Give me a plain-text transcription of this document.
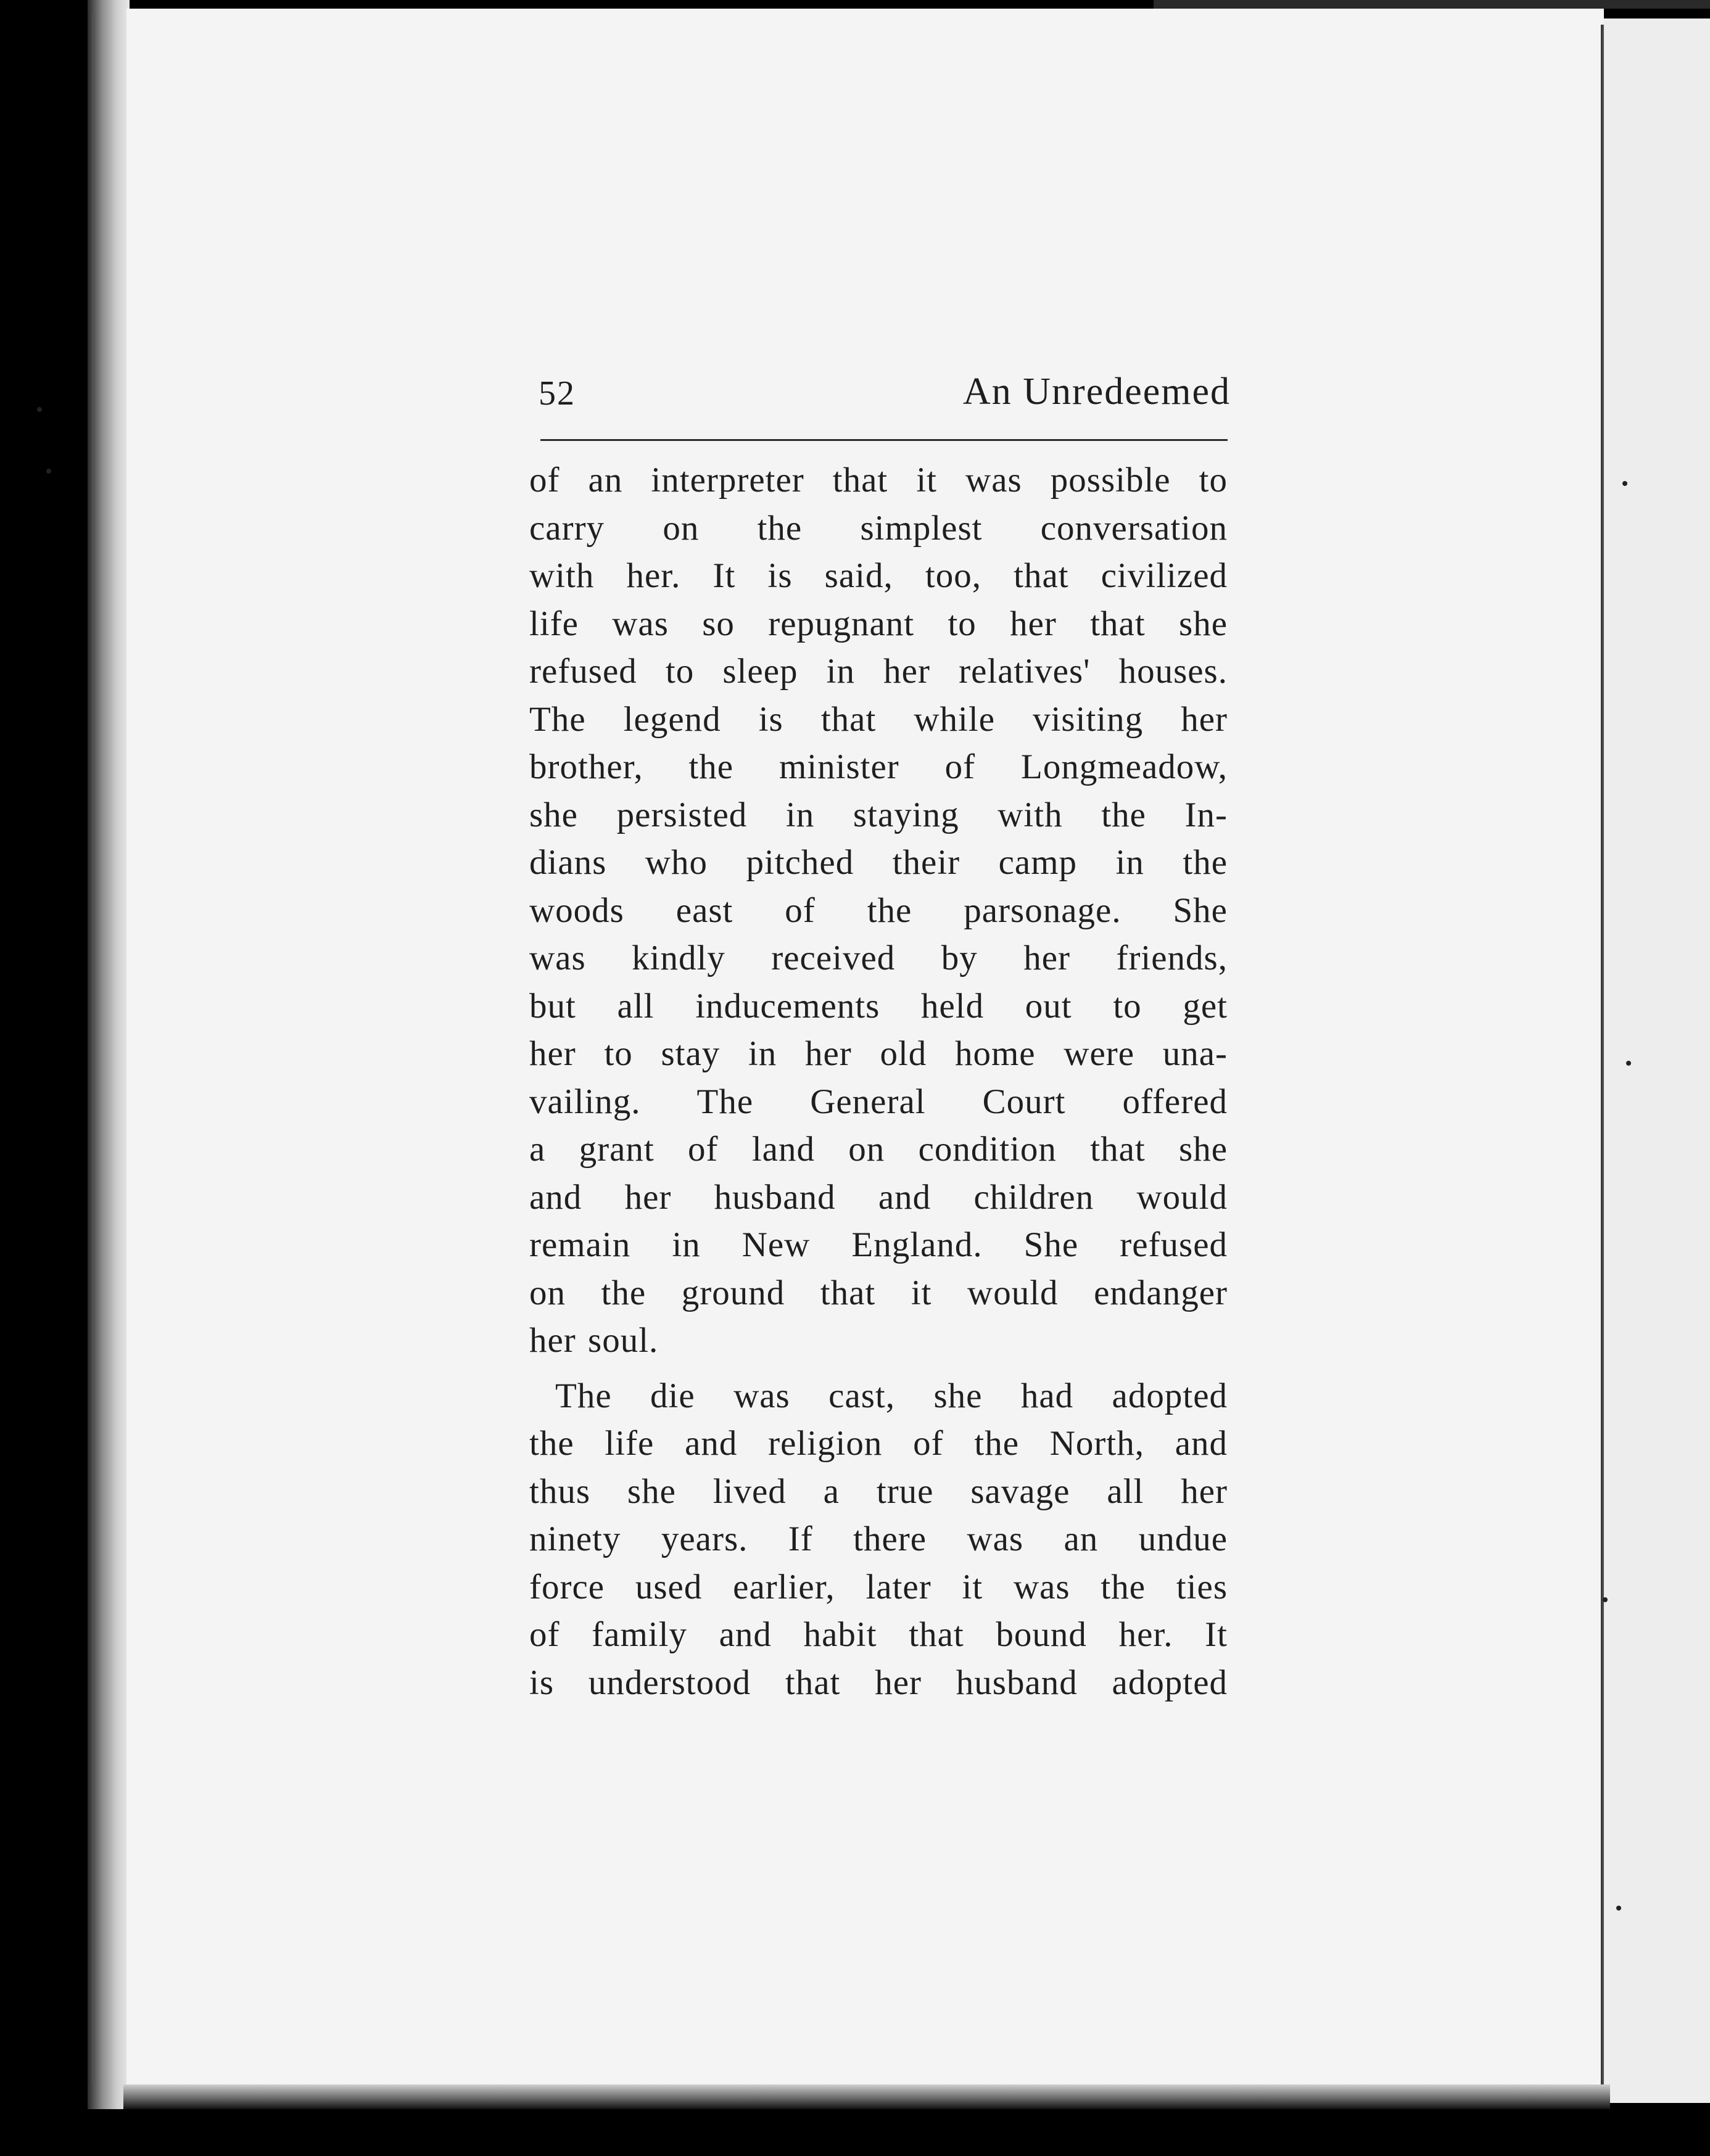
52	An Unredeemed
of an interpreter that it was possible to
carry on the simplest conversation
with her. It is said, too, that civilized
life was so repugnant to her that she
refused to sleep in her relatives' houses.
The legend is that while visiting her
brother, the minister of Longmeadow,
she persisted in staying with the In-
dians who pitched their camp in the
woods east of the parsonage. She
was kindly received by her friends,
but all inducements held out to get
her to stay in her old home were una-
vailing. The General Court offered
a grant of land on condition that she
and her husband and children would
remain in New England. She refused
on the ground that it would endanger
her soul.
The die was cast, she had adopted
the life and religion of the North, and
thus she lived a true savage all her
ninety years. If there was an undue
force used earlier, later it was the ties
of family and habit that bound her. It
is understood that her husband adopted
